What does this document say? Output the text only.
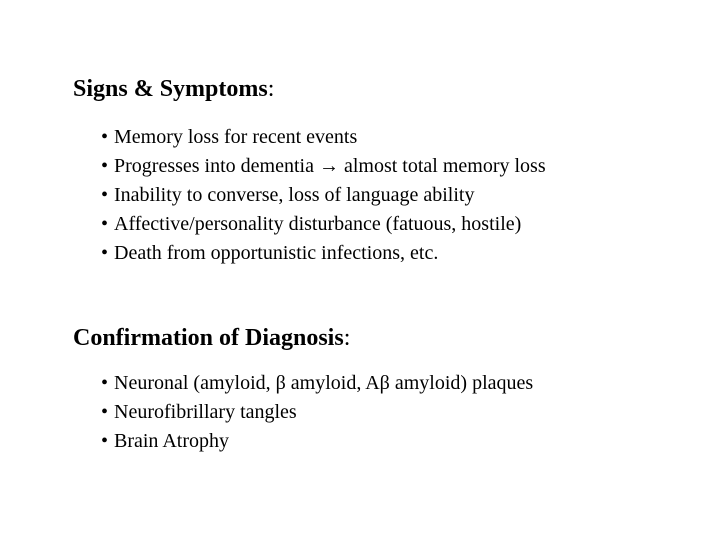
Signs & Symptoms:
• Memory loss for recent events
• Progresses into dementia → almost total memory loss
• Inability to converse, loss of language ability
• Affective/personality disturbance (fatuous, hostile)
• Death from opportunistic infections, etc.
Confirmation of Diagnosis:
• Neuronal (amyloid, β amyloid, Aβ amyloid) plaques
• Neurofibrillary tangles
• Brain Atrophy
